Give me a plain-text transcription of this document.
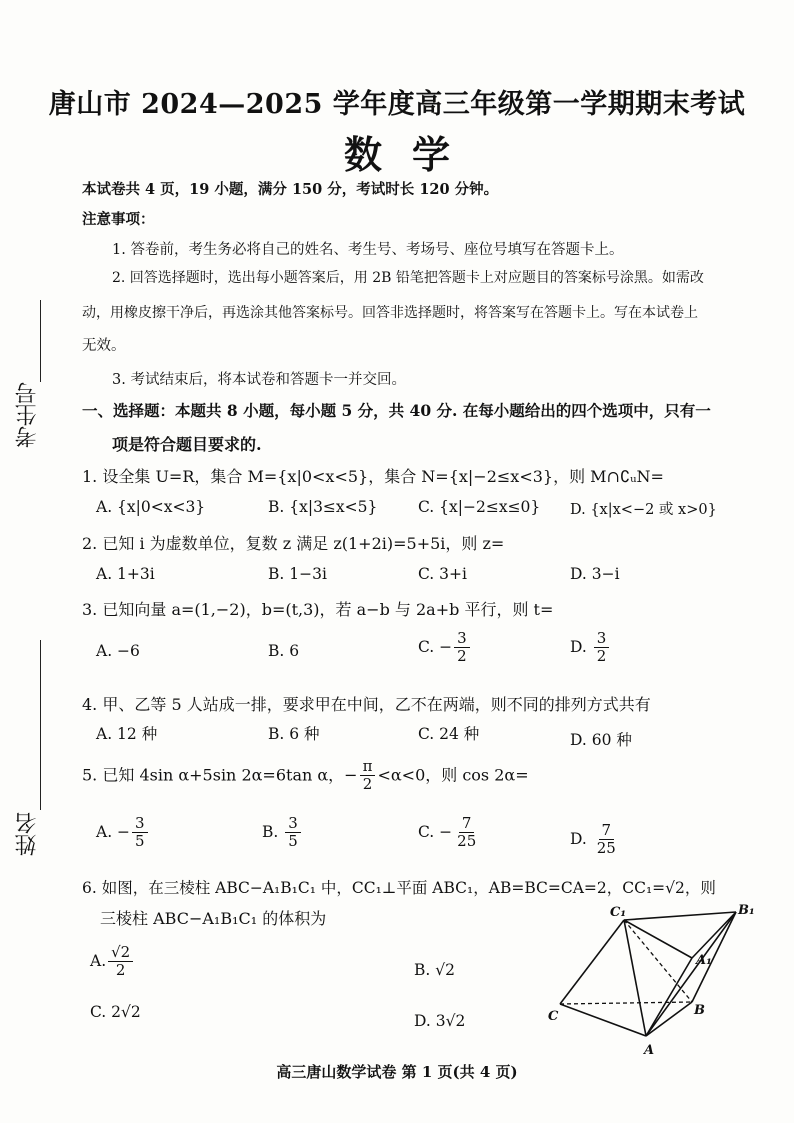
考生号
姓名
唐山市 2024—2025 学年度高三年级第一学期期末考试
数学
本试卷共 4 页，19 小题，满分 150 分，考试时长 120 分钟。
注意事项：
1. 答卷前，考生务必将自己的姓名、考生号、考场号、座位号填写在答题卡上。
2. 回答选择题时，选出每小题答案后，用 2B 铅笔把答题卡上对应题目的答案标号涂黑。如需改
动，用橡皮擦干净后，再选涂其他答案标号。回答非选择题时，将答案写在答题卡上。写在本试卷上
无效。
3. 考试结束后，将本试卷和答题卡一并交回。
一、选择题：本题共 8 小题，每小题 5 分，共 40 分. 在每小题给出的四个选项中，只有一
项是符合题目要求的.
1. 设全集 U=R，集合 M={x|0<x<5}，集合 N={x|−2≤x<3}，则 M∩∁ᵤN=
A. {x|0<x<3}	B. {x|3≤x<5}	C. {x|−2≤x≤0} D. {x|x<−2 或 x>0}
2. 已知 i 为虚数单位，复数 z 满足 z(1+2i)=5+5i，则 z=
A. 1+3i	B. 1−3i	C. 3+i	D. 3−i
3. 已知向量 a=(1,−2)，b=(t,3)，若 a−b 与 2a+b 平行，则 t=
A. −6	B. 6	C. − $\frac{3}{2}$	D. $\frac{3}{2}$
4. 甲、乙等 5 人站成一排，要求甲在中间，乙不在两端，则不同的排列方式共有
A. 12 种	B. 6 种	C. 24 种	D. 60 种
5. 已知 4sin α+5sin 2α=6tan α，− $\frac{\pi}{2} <\alpha<0$，则 cos 2α=
A. − $\frac{3}{5}$	B. $\frac{3}{5}$	C. − $\frac{7}{25}$	D. $\frac{7}{25}$
6. 如图，在三棱柱 ABC−A₁B₁C₁ 中，CC₁⊥平面 ABC₁，AB=BC=CA=2，CC₁=√2，则
三棱柱 ABC−A₁B₁C₁ 的体积为
A. $\frac{√2}{2}$	B. √2
C. 2√2	D. 3√2
C₁	B₁
A₁
C	B
A
高三唐山数学试卷 第 1 页(共 4 页)
